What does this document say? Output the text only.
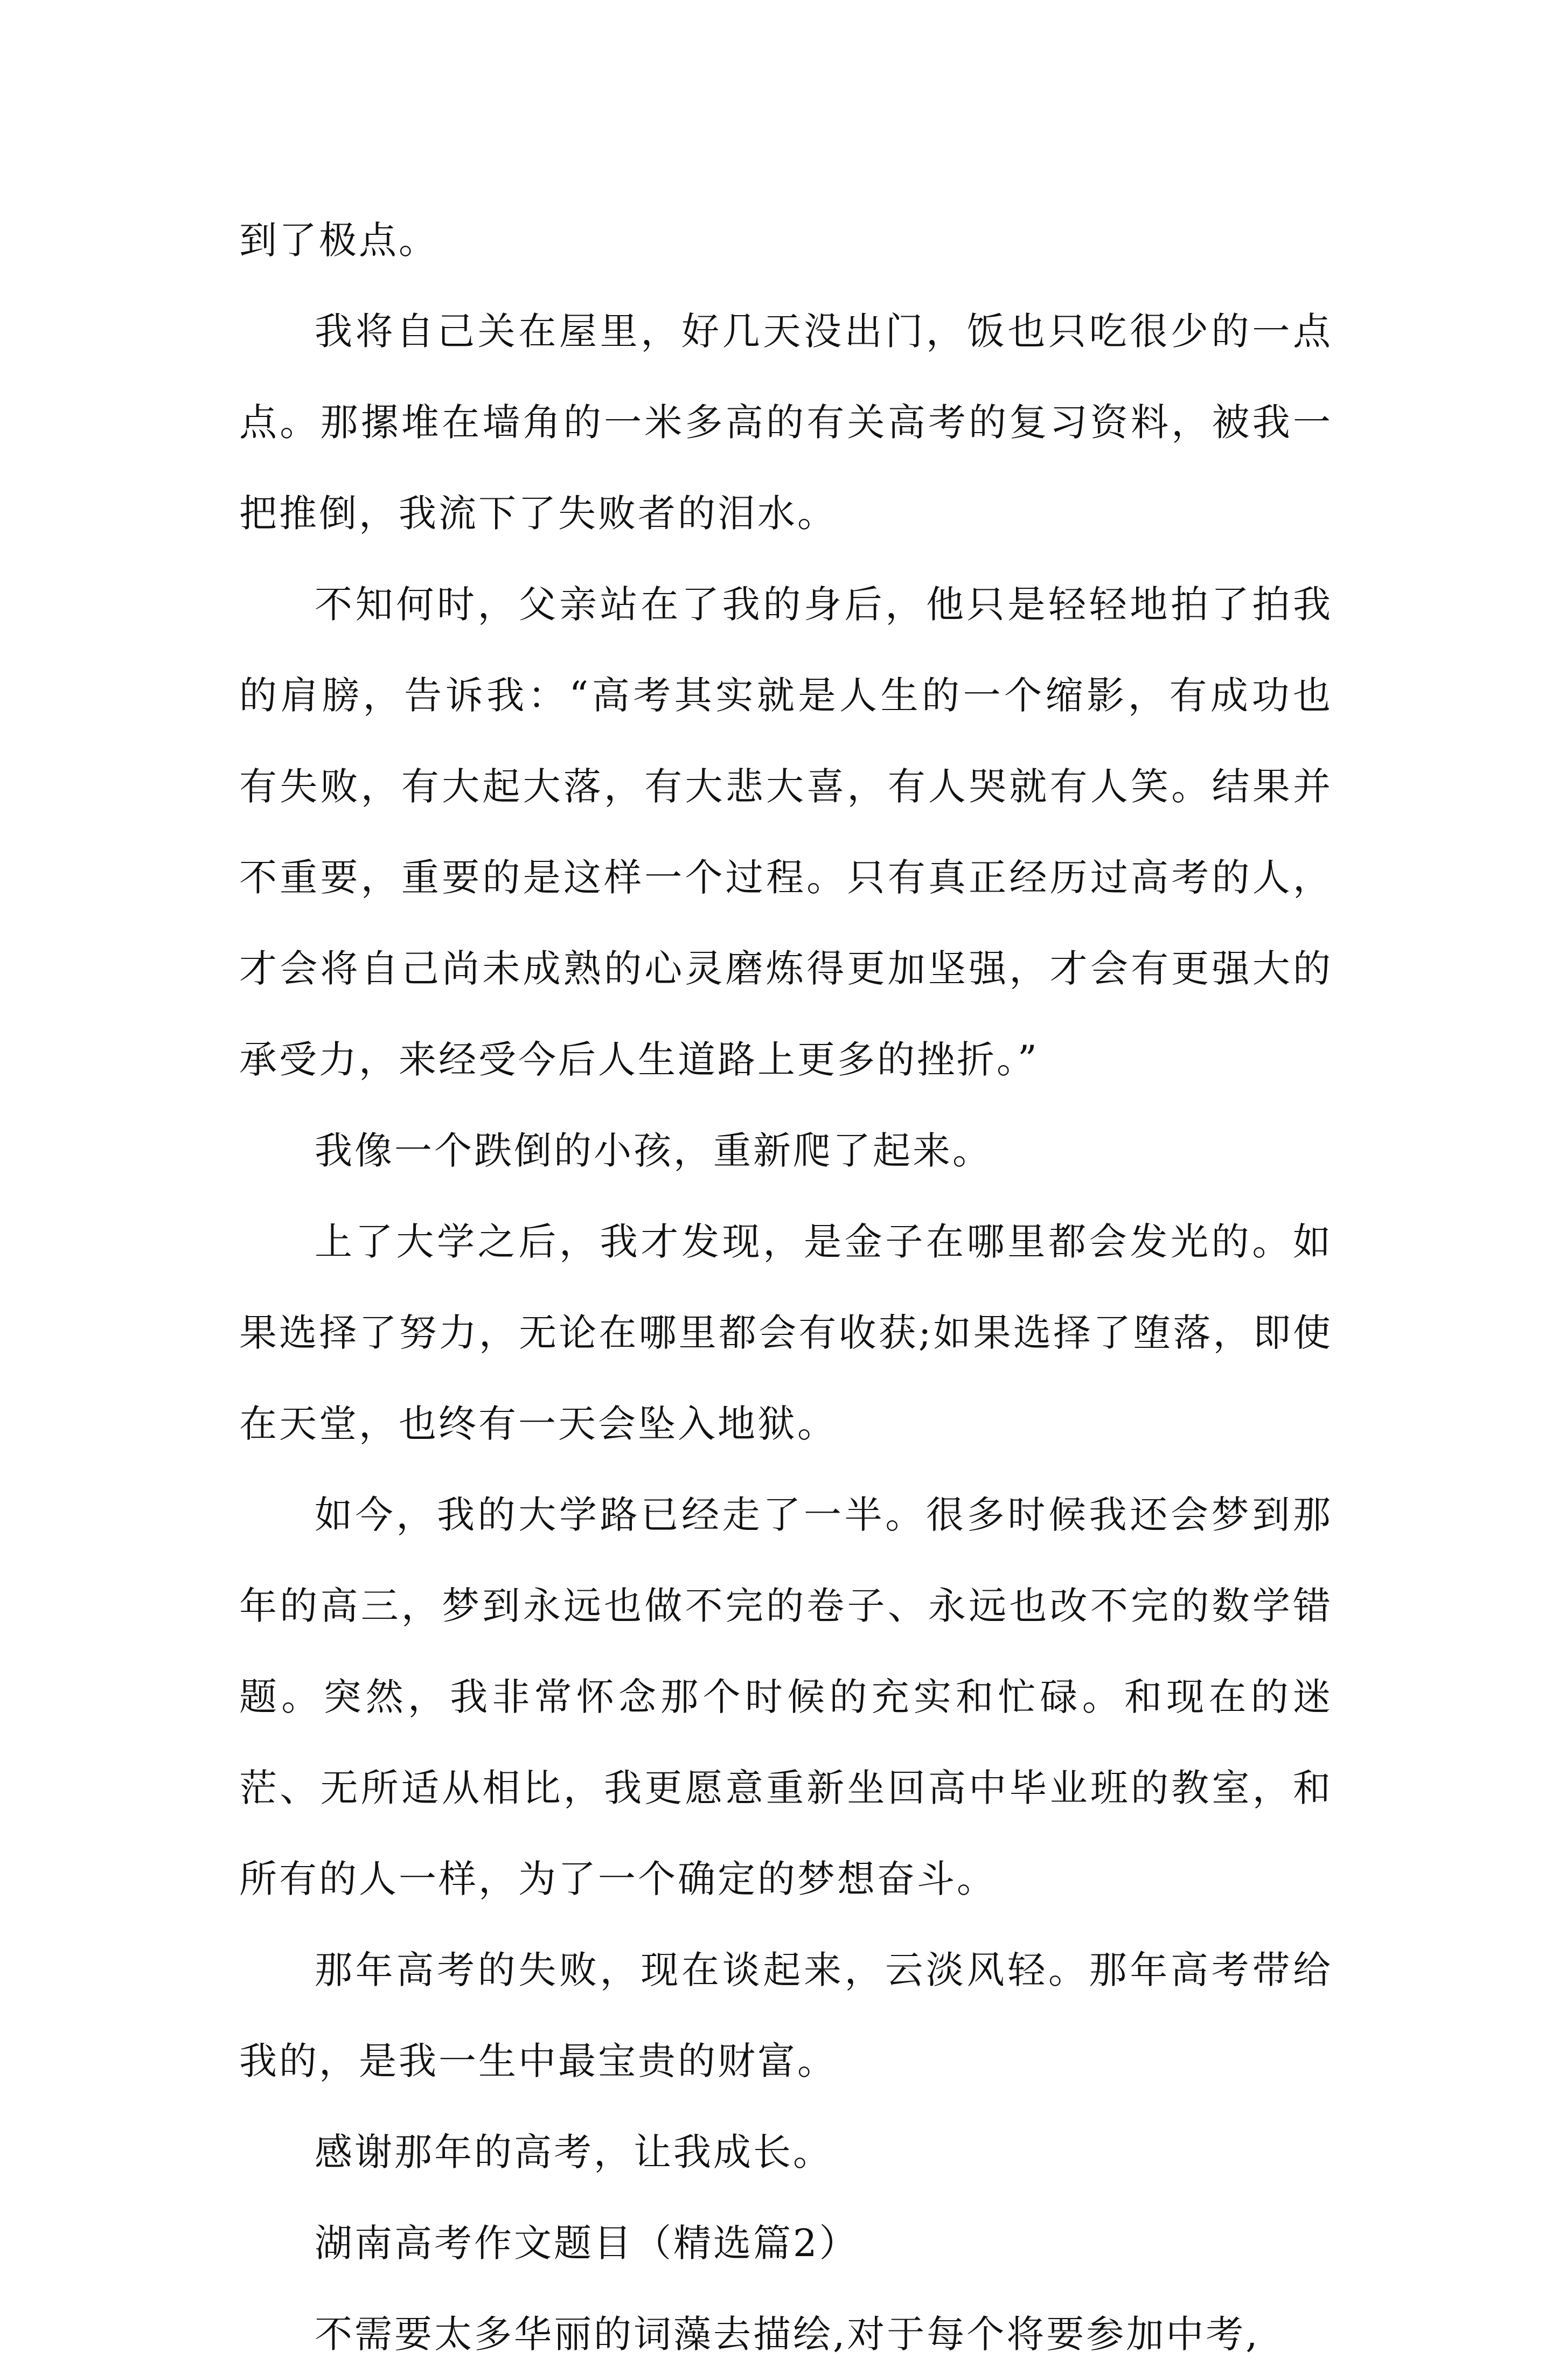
到了极点。

我将自己关在屋里，好几天没出门，饭也只吃很少的一点点。那摞堆在墙角的一米多高的有关高考的复习资料，被我一把推倒，我流下了失败者的泪水。

不知何时，父亲站在了我的身后，他只是轻轻地拍了拍我的肩膀，告诉我：“高考其实就是人生的一个缩影，有成功也有失败，有大起大落，有大悲大喜，有人哭就有人笑。结果并不重要，重要的是这样一个过程。只有真正经历过高考的人，才会将自己尚未成熟的心灵磨炼得更加坚强，才会有更强大的承受力，来经受今后人生道路上更多的挫折。”

我像一个跌倒的小孩，重新爬了起来。

上了大学之后，我才发现，是金子在哪里都会发光的。如果选择了努力，无论在哪里都会有收获;如果选择了堕落，即使在天堂，也终有一天会坠入地狱。

如今，我的大学路已经走了一半。很多时候我还会梦到那年的高三，梦到永远也做不完的卷子、永远也改不完的数学错题。突然，我非常怀念那个时候的充实和忙碌。和现在的迷茫、无所适从相比，我更愿意重新坐回高中毕业班的教室，和所有的人一样，为了一个确定的梦想奋斗。

那年高考的失败，现在谈起来，云淡风轻。那年高考带给我的，是我一生中最宝贵的财富。

感谢那年的高考，让我成长。

湖南高考作文题目（精选篇2）

不需要太多华丽的词藻去描绘,对于每个将要参加中考,
